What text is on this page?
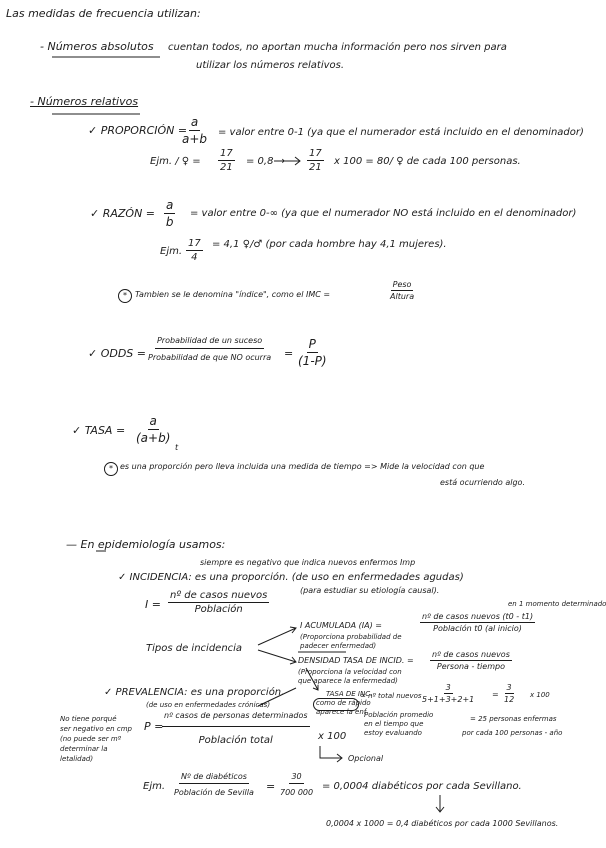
Las medidas de frecuencia utilizan:
- Números absolutos cuentan todos, no aportan mucha información pero nos sirven para
utilizar los números relativos.
- Números relativos
✓ PROPORCIÓN =
$\frac{a}{a+b}$ = valor entre 0-1 (ya que el numerador está incluido en el denominador)
Ejm. / ♀ = $\frac{17}{21} = 0,8 \to \frac{17}{21}$ x 100 = 80/ ♀ de cada 100 personas.
✓ RAZÓN = $\frac{a}{b}$ = valor entre 0-∞ (ya que el numerador NO está incluido en el denominador)
Ejm. $\frac{17}{4} = 4,1$ ♀/♂ (por cada hombre hay 4,1 mujeres).
*	Tambien se le denomina "índice", como el IMC =
Peso
Altura
✓ ODDS =
Probabilidad de un suceso
Probabilidad de que NO ocurra = $\frac{P}{(1-P)}$
✓ TASA = $\frac{a}{(a+b)}$
t
* es una proporción pero lleva incluida una medida de tiempo => Mide la velocidad con que
está ocurriendo algo.
— En epidemiología usamos:
siempre es negativo que indica nuevos enfermos Imp
✓ INCIDENCIA: es una proporción. (de uso en enfermedades agudas)
(para estudiar su etiología causal).
I =
nº de casos nuevos
Población
Tipos de incidencia
I ACUMULADA (IA) =
(Proporciona probabilidad de
padecer enfermedad)
en 1 momento determinado
nº de casos nuevos (t0 - t1)
Población t0 (al inicio)
DENSIDAD TASA DE INCID. =
(Proporciona la velocidad con
que aparece la enfermedad)
nº de casos nuevos
Persona - tiempo
TASA DE INC.
como de rápido
aparece la enf
= nº total nuevos
Población promedio
en el tiempo que
estoy evaluando
$\frac{3}{5+1+3+2+1} = \frac{3}{12}$ x 100
= 25 personas enfermas
por cada 100 personas - año
✓ PREVALENCIA: es una proporción.
(de uso en enfermedades crónicas)
No tiene porqué
ser negativo en cmp
(no puede ser mº
determinar la
letalidad)
P =
nº casos de personas determinados
Población total	x 100
Opcional
Ejm.
Nº de diabéticos
Población de Sevilla = $\frac{30}{700 000} = 0,0004$ diabéticos por cada Sevillano.
0,0004 x 1000 = 0,4 diabéticos por cada 1000 Sevillanos.
